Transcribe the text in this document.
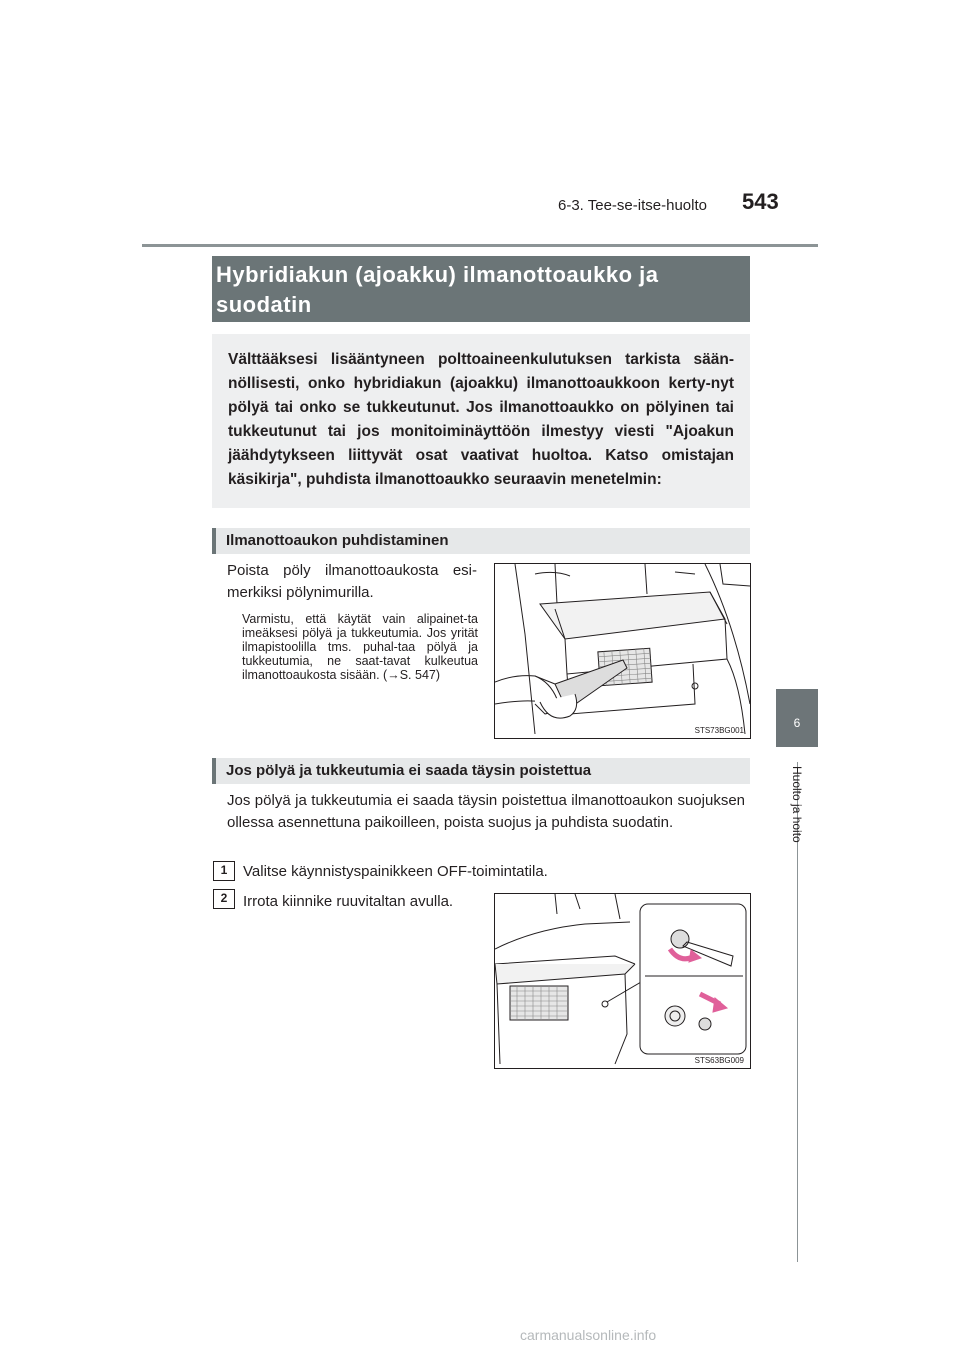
6-3. Tee-se-itse-huolto 543
6
Huolto ja hoito
Hybridiakun (ajoakku) ilmanottoaukko ja suodatin
Välttääksesi lisääntyneen polttoaineenkulutuksen tarkista sään-nöllisesti, onko hybridiakun (ajoakku) ilmanottoaukkoon kerty-nyt pölyä tai onko se tukkeutunut. Jos ilmanottoaukko on pölyinen tai tukkeutunut tai jos monitoiminäyttöön ilmestyy viesti "Ajoakun jäähdytykseen liittyvät osat vaativat huoltoa. Katso omistajan käsikirja", puhdista ilmanottoaukko seuraavin menetelmin:
Ilmanottoaukon puhdistaminen
Poista pöly ilmanottoaukosta esi-merkiksi pölynimurilla.
Varmistu, että käytät vain alipainet-ta imeäksesi pölyä ja tukkeutumia. Jos yrität ilmapistoolilla tms. puhal-taa pölyä ja tukkeutumia, ne saat-tavat kulkeutua ilmanottoaukosta sisään. (→S. 547)
STS73BG001
Jos pölyä ja tukkeutumia ei saada täysin poistettua
Jos pölyä ja tukkeutumia ei saada täysin poistettua ilmanottoaukon suojuksen ollessa asennettuna paikoilleen, poista suojus ja puhdista suodatin.
1	Valitse käynnistyspainikkeen OFF-toimintatila.
2	Irrota kiinnike ruuvitaltan avulla.
STS63BG009
carmanualsonline.info
